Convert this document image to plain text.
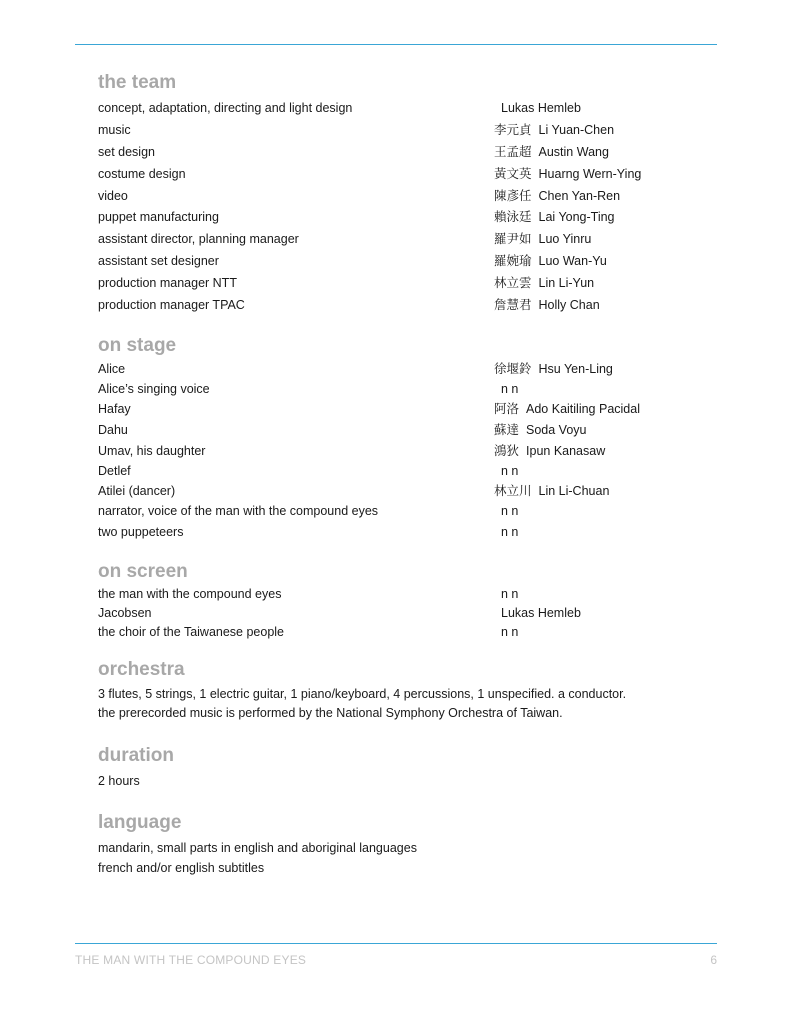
the team
concept, adaptation, directing and light design	Lukas Hemleb
music	李元貞 Li Yuan-Chen
set design	王孟超 Austin Wang
costume design	黃文英 Huarng Wern-Ying
video	陳彥任 Chen Yan-Ren
puppet manufacturing	賴泳廷 Lai Yong-Ting
assistant director, planning manager	羅尹如 Luo Yinru
assistant set designer	羅婉瑜 Luo Wan-Yu
production manager NTT	林立雲 Lin Li-Yun
production manager TPAC	詹慧君 Holly Chan
on stage
Alice	徐堰鈴 Hsu Yen-Ling
Alice’s singing voice	n n
Hafay	阿洛 Ado Kaitiling Pacidal
Dahu	蘇達 Soda Voyu
Umav, his daughter	鴻狄 Ipun Kanasaw
Detlef	n n
Atilei (dancer)	林立川 Lin Li-Chuan
narrator, voice of the man with the compound eyes	n n
two puppeteers	n n
on screen
the man with the compound eyes	n n
Jacobsen	Lukas Hemleb
the choir of the Taiwanese people	n n
orchestra
3 flutes, 5 strings, 1 electric guitar, 1 piano/keyboard, 4 percussions, 1 unspecified. a conductor.
the prerecorded music is performed by the National Symphony Orchestra of Taiwan.
duration
2 hours
language
mandarin, small parts in english and aboriginal languages
french and/or english subtitles
THE MAN WITH THE COMPOUND EYES	6
